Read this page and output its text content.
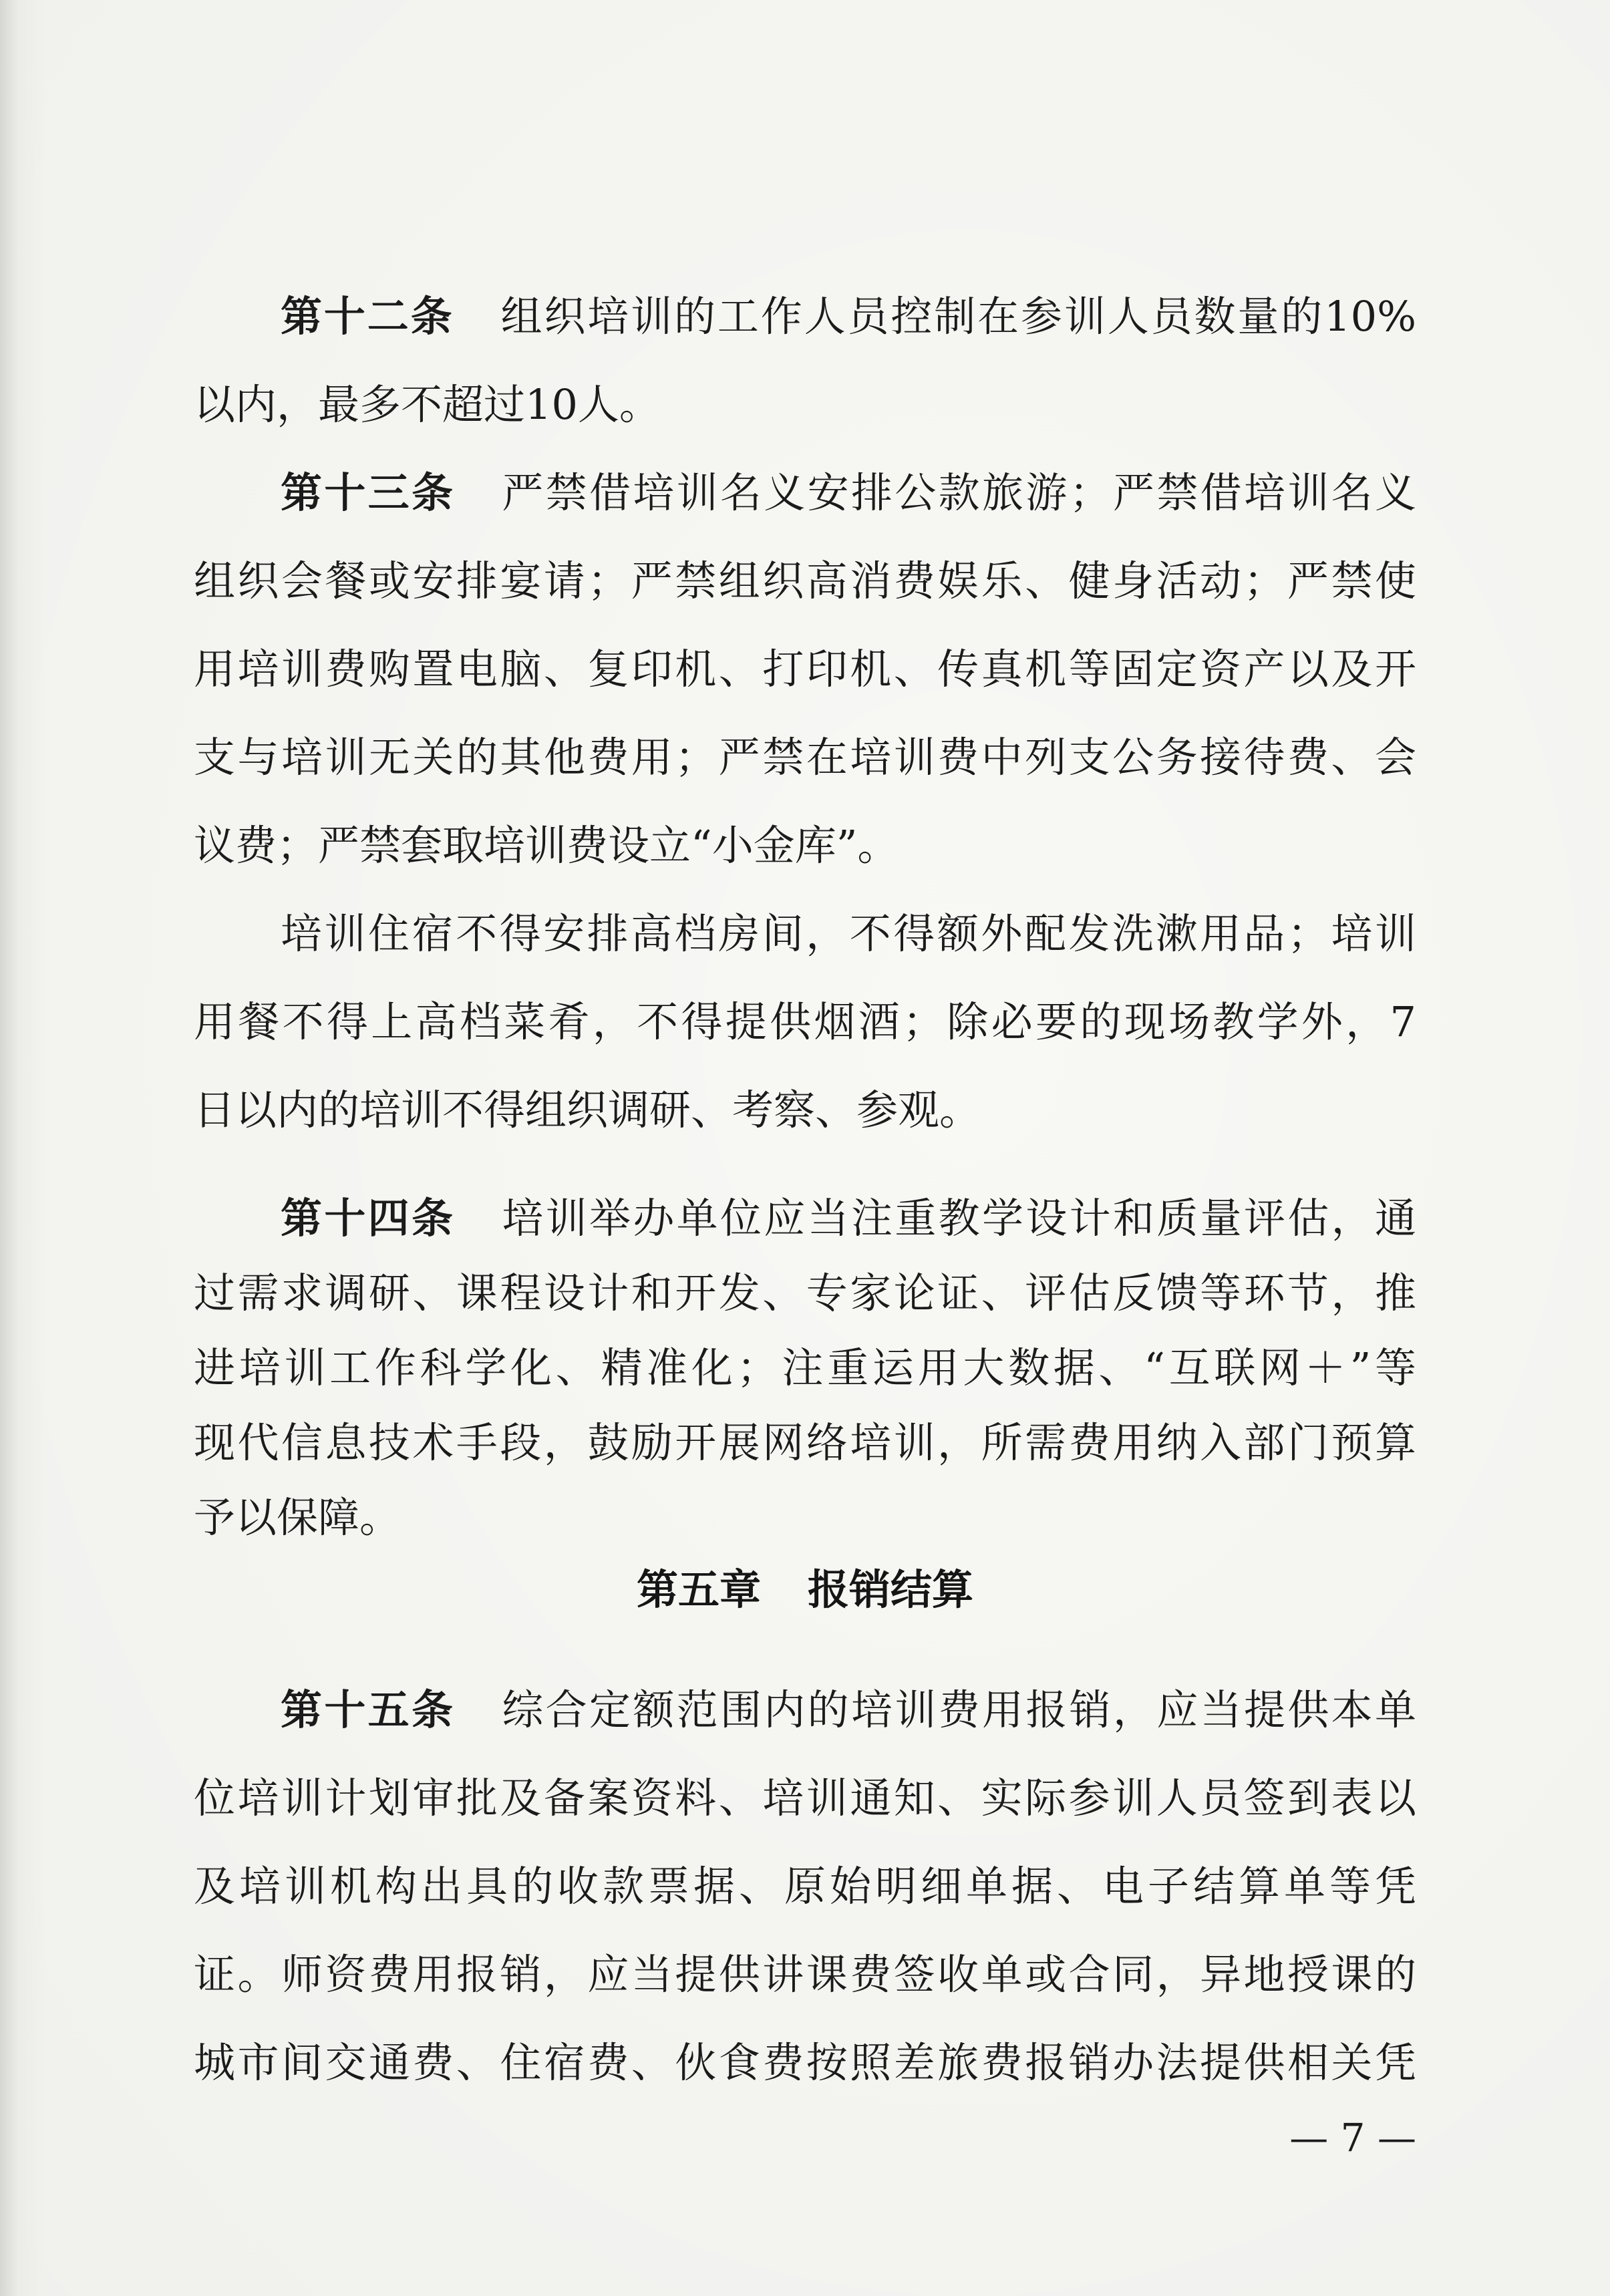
第十二条 组织培训的工作人员控制在参训人员数量的10%
以内，最多不超过10人。
第十三条 严禁借培训名义安排公款旅游；严禁借培训名义
组织会餐或安排宴请；严禁组织高消费娱乐、健身活动；严禁使
用培训费购置电脑、复印机、打印机、传真机等固定资产以及开
支与培训无关的其他费用；严禁在培训费中列支公务接待费、会
议费；严禁套取培训费设立“小金库”。
培训住宿不得安排高档房间，不得额外配发洗漱用品；培训
用餐不得上高档菜肴，不得提供烟酒；除必要的现场教学外，7
日以内的培训不得组织调研、考察、参观。
第十四条 培训举办单位应当注重教学设计和质量评估，通
过需求调研、课程设计和开发、专家论证、评估反馈等环节，推
进培训工作科学化、精准化；注重运用大数据、“互联网＋”等
现代信息技术手段，鼓励开展网络培训，所需费用纳入部门预算
第五章 报销结算
第十五条 综合定额范围内的培训费用报销，应当提供本单
位培训计划审批及备案资料、培训通知、实际参训人员签到表以
及培训机构出具的收款票据、原始明细单据、电子结算单等凭
证。师资费用报销，应当提供讲课费签收单或合同，异地授课的
城市间交通费、住宿费、伙食费按照差旅费报销办法提供相关凭
— 7 —
予以保障。
